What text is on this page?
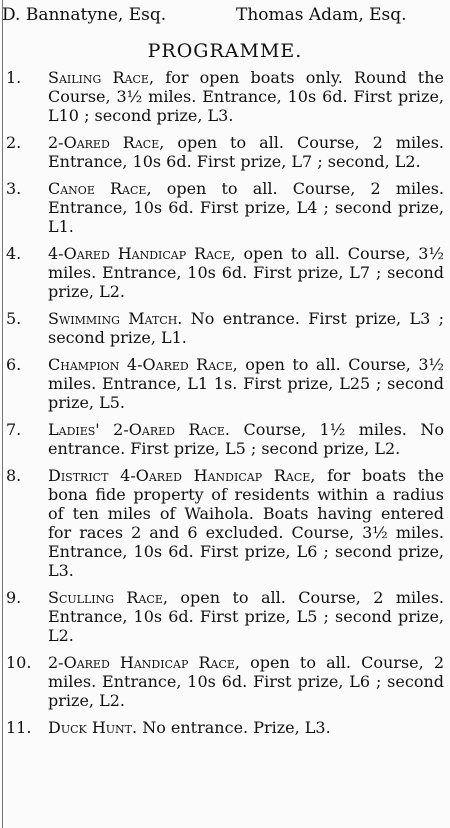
D. Bannatyne, Esq.	Thomas Adam, Esq.
PROGRAMME.
1. Sailing Race, for open boats only. Round the Course, 3½ miles. Entrance, 10s 6d. First prize, L10 ; second prize, L3.
2. 2-Oared Race, open to all. Course, 2 miles. Entrance, 10s 6d. First prize, L7 ; second, L2.
3. Canoe Race, open to all. Course, 2 miles. Entrance, 10s 6d. First prize, L4 ; second prize, L1.
4. 4-Oared Handicap Race, open to all. Course, 3½ miles. Entrance, 10s 6d. First prize, L7 ; second prize, L2.
5. Swimming Match. No entrance. First prize, L3 ; second prize, L1.
6. Champion 4-Oared Race, open to all. Course, 3½ miles. Entrance, L1 1s. First prize, L25 ; second prize, L5.
7. Ladies' 2-Oared Race. Course, 1½ miles. No entrance. First prize, L5 ; second prize, L2.
8. District 4-Oared Handicap Race, for boats the bona fide property of residents within a radius of ten miles of Waihola. Boats having entered for races 2 and 6 excluded. Course, 3½ miles. Entrance, 10s 6d. First prize, L6 ; second prize, L3.
9. Sculling Race, open to all. Course, 2 miles. Entrance, 10s 6d. First prize, L5 ; second prize, L2.
10. 2-Oared Handicap Race, open to all. Course, 2 miles. Entrance, 10s 6d. First prize, L6 ; second prize, L2.
11. Duck Hunt. No entrance. Prize, L3.
